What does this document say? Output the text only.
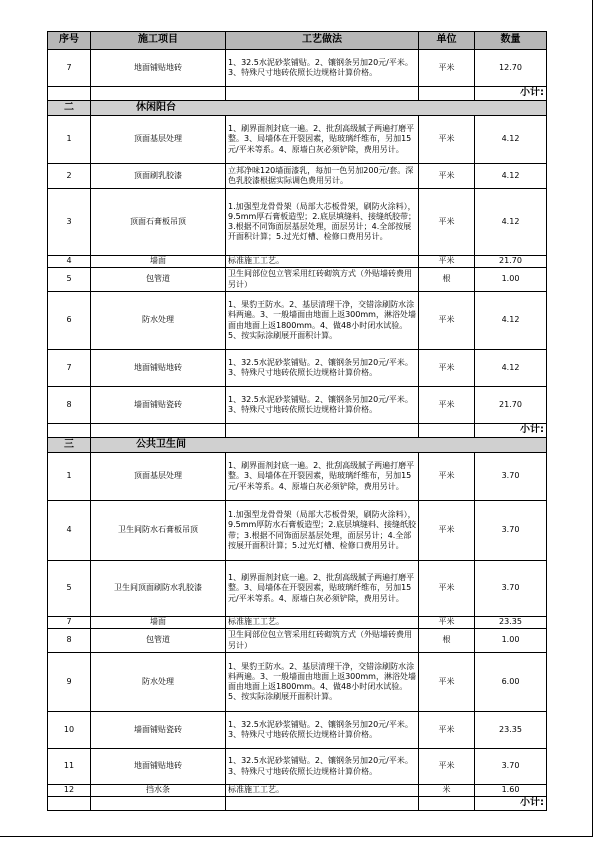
序号	施工项目	工艺做法	单位	数量
7	地面铺贴地砖	1、32.5水泥砂浆铺贴。2、镶钢条另加20元/平米。3、特殊尺寸地砖依照长边规格计算价格。	平米	12.70
				小计:
二	休闲阳台			
1	顶面基层处理	1、刷界面剂封底一遍。2、批刮高级腻子两遍打磨平整。3、局墙体在开裂因素，贴玻璃纤维布，另加15元/平米等系。4、原墙白灰必须铲除，费用另计。	平米	4.12
2	顶面刷乳胶漆	立邦净味120墙面漆乳，每加一色另加200元/套。深色乳胶漆根据实际调色费用另计。	平米	4.12
3	顶面石膏板吊顶	1.加强型龙骨骨架（局部大芯板骨架，刷防火涂料），9.5mm厚石膏板造型；2.底层填缝料、接缝纸胶带；3.根据不同饰面层基层处理，面层另计；4.全部按展开面积计算；5.过光灯槽、检修口费用另计。	平米	4.12
4	墙面	标准施工工艺。	平米	21.70
5	包管道	卫生间部位包立管采用红砖砌筑方式（外贴墙砖费用另计）	根	1.00
6	防水处理	1、果豹王防水。2、基层清理干净，交错涂刷防水涂料两遍。3、一般墙面由地面上返300mm，淋浴处墙面由地面上返1800mm。4、做48小时闭水试验。5、按实际涂刷展开面积计算。	平米	4.12
7	地面铺贴地砖	1、32.5水泥砂浆铺贴。2、镶钢条另加20元/平米。3、特殊尺寸地砖依照长边规格计算价格。	平米	4.12
8	墙面铺贴瓷砖	1、32.5水泥砂浆铺贴。2、镶钢条另加20元/平米。3、特殊尺寸地砖依照长边规格计算价格。	平米	21.70
				小计:
三	公共卫生间			
1	顶面基层处理	1、刷界面剂封底一遍。2、批刮高级腻子两遍打磨平整。3、局墙体在开裂因素，贴玻璃纤维布，另加15元/平米等系。4、原墙白灰必须铲除，费用另计。	平米	3.70
4	卫生间防水石膏板吊顶	1.加强型龙骨骨架（局部大芯板骨架，刷防火涂料），9.5mm厚防水石膏板造型；2.底层填缝料、接缝纸胶带；3.根据不同饰面层基层处理，面层另计；4.全部按展开面积计算；5.过光灯槽、检修口费用另计。	平米	3.70
5	卫生间顶面刷防水乳胶漆	1、刷界面剂封底一遍。2、批刮高级腻子两遍打磨平整。3、局墙体在开裂因素，贴玻璃纤维布，另加15元/平米等系。4、原墙白灰必须铲除，费用另计。	平米	3.70
7	墙面	标准施工工艺。	平米	23.35
8	包管道	卫生间部位包立管采用红砖砌筑方式（外贴墙砖费用另计）	根	1.00
9	防水处理	1、果豹王防水。2、基层清理干净，交错涂刷防水涂料两遍。3、一般墙面由地面上返300mm，淋浴处墙面由地面上返1800mm。4、做48小时闭水试验。5、按实际涂刷展开面积计算。	平米	6.00
10	墙面铺贴瓷砖	1、32.5水泥砂浆铺贴。2、镶钢条另加20元/平米。3、特殊尺寸地砖依照长边规格计算价格。	平米	23.35
11	地面铺贴地砖	1、32.5水泥砂浆铺贴。2、镶钢条另加20元/平米。3、特殊尺寸地砖依照长边规格计算价格。	平米	3.70
12	挡水条	标准施工工艺。	米	1.60
				小计:
